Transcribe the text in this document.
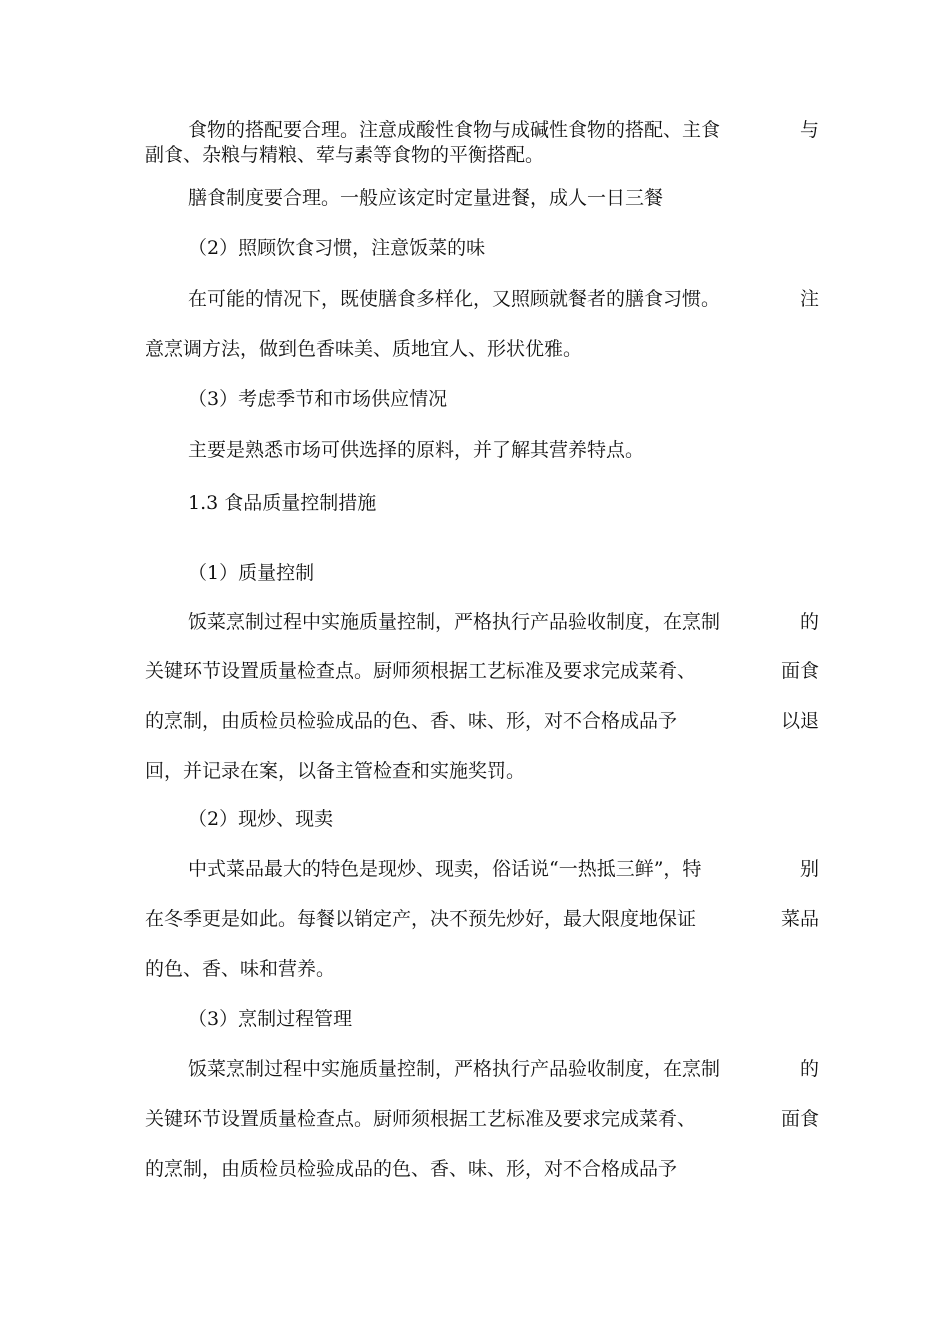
食物的搭配要合理。注意成酸性食物与成碱性食物的搭配、主食	与
副食、杂粮与精粮、荤与素等食物的平衡搭配。
膳食制度要合理。一般应该定时定量进餐，成人一日三餐
（2）照顾饮食习惯，注意饭菜的味
在可能的情况下，既使膳食多样化，又照顾就餐者的膳食习惯。	注
意烹调方法，做到色香味美、质地宜人、形状优雅。
（3）考虑季节和市场供应情况
主要是熟悉市场可供选择的原料，并了解其营养特点。
1.3 食品质量控制措施
（1）质量控制
饭菜烹制过程中实施质量控制，严格执行产品验收制度，在烹制	的
关键环节设置质量检查点。厨师须根据工艺标准及要求完成菜肴、	面食
的烹制，由质检员检验成品的色、香、味、形，对不合格成品予	以退
回，并记录在案，以备主管检查和实施奖罚。
（2）现炒、现卖
中式菜品最大的特色是现炒、现卖，俗话说“一热抵三鲜”，特	别
在冬季更是如此。每餐以销定产，决不预先炒好，最大限度地保证	菜品
的色、香、味和营养。
（3）烹制过程管理
饭菜烹制过程中实施质量控制，严格执行产品验收制度，在烹制	的
关键环节设置质量检查点。厨师须根据工艺标准及要求完成菜肴、	面食
的烹制，由质检员检验成品的色、香、味、形，对不合格成品予
